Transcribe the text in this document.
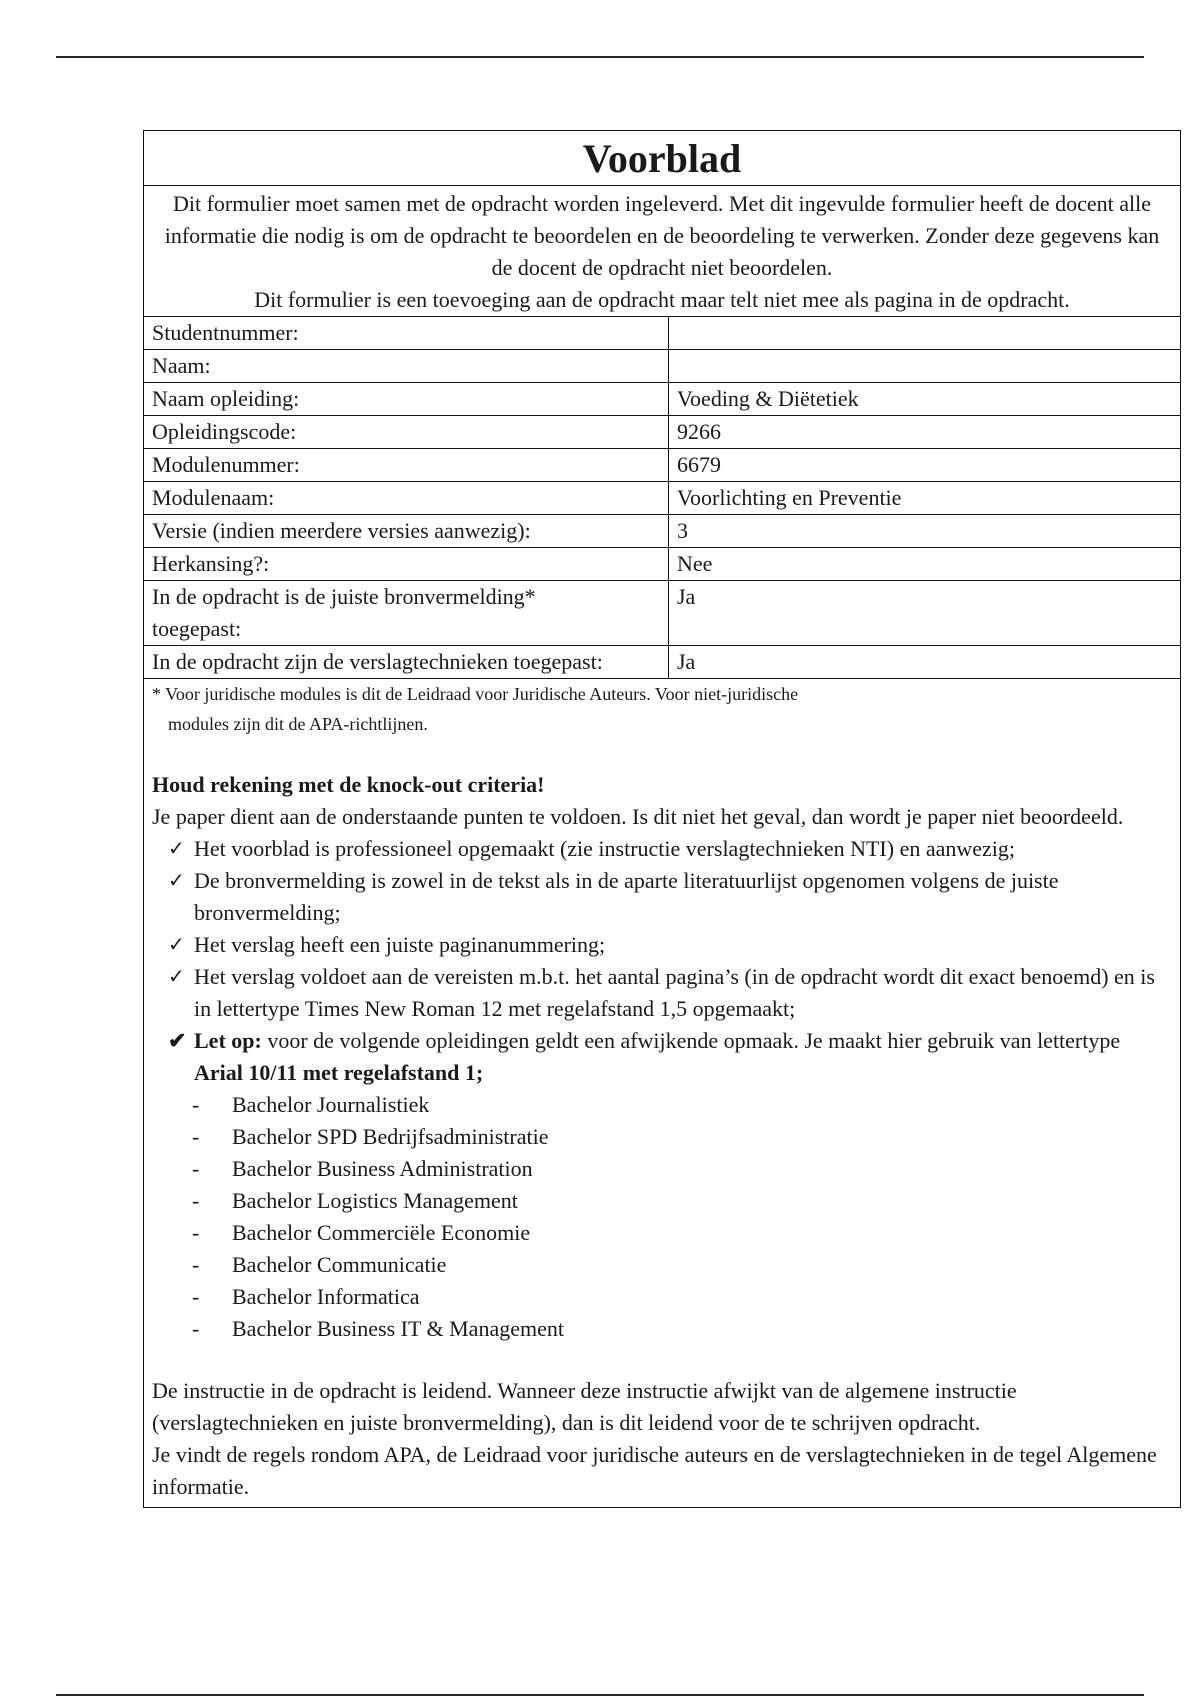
Voorblad

Dit formulier moet samen met de opdracht worden ingeleverd. Met dit ingevulde formulier heeft de docent alle informatie die nodig is om de opdracht te beoordelen en de beoordeling te verwerken. Zonder deze gegevens kan de docent de opdracht niet beoordelen.

Dit formulier is een toevoeging aan de opdracht maar telt niet mee als pagina in de opdracht.

Studentnummer:	
Naam:	
Naam opleiding:	Voeding & Diëtetiek
Opleidingscode:	9266
Modulenummer:	6679
Modulenaam:	Voorlichting en Preventie
Versie (indien meerdere versies aanwezig):	3
Herkansing?:	Nee
In de opdracht is de juiste bronvermelding* toegepast:	Ja
In de opdracht zijn de verslagtechnieken toegepast:	Ja

* Voor juridische modules is dit de Leidraad voor Juridische Auteurs. Voor niet-juridische
modules zijn dit de APA-richtlijnen.

Houd rekening met de knock-out criteria!

Je paper dient aan de onderstaande punten te voldoen. Is dit niet het geval, dan wordt je paper niet beoordeeld.

✓ Het voorblad is professioneel opgemaakt (zie instructie verslagtechnieken NTI) en aanwezig;
✓ De bronvermelding is zowel in de tekst als in de aparte literatuurlijst opgenomen volgens de juiste bronvermelding;
✓ Het verslag heeft een juiste paginanummering;
✓ Het verslag voldoet aan de vereisten m.b.t. het aantal pagina’s (in de opdracht wordt dit exact benoemd) en is in lettertype Times New Roman 12 met regelafstand 1,5 opgemaakt;
✔ Let op: voor de volgende opleidingen geldt een afwijkende opmaak. Je maakt hier gebruik van lettertype Arial 10/11 met regelafstand 1;
- Bachelor Journalistiek
- Bachelor SPD Bedrijfsadministratie
- Bachelor Business Administration
- Bachelor Logistics Management
- Bachelor Commerciële Economie
- Bachelor Communicatie
- Bachelor Informatica
- Bachelor Business IT & Management

De instructie in de opdracht is leidend. Wanneer deze instructie afwijkt van de algemene instructie (verslagtechnieken en juiste bronvermelding), dan is dit leidend voor de te schrijven opdracht.

Je vindt de regels rondom APA, de Leidraad voor juridische auteurs en de verslagtechnieken in de tegel Algemene informatie.
